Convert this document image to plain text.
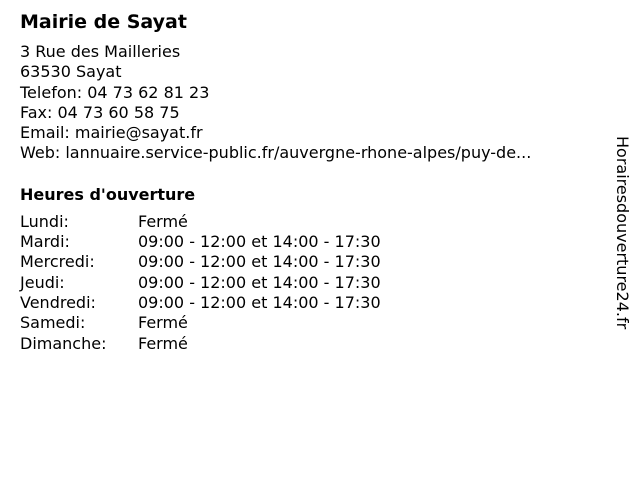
Mairie de Sayat
3 Rue des Mailleries
63530 Sayat
Telefon: 04 73 62 81 23
Fax: 04 73 60 58 75
Email: mairie@sayat.fr
Web: lannuaire.service-public.fr/auvergne-rhone-alpes/puy-de...
Heures d'ouverture
Lundi:	Fermé
Mardi:	09:00 - 12:00 et 14:00 - 17:30
Mercredi:	09:00 - 12:00 et 14:00 - 17:30
Jeudi:	09:00 - 12:00 et 14:00 - 17:30
Vendredi:	09:00 - 12:00 et 14:00 - 17:30
Samedi:	Fermé
Dimanche:	Fermé
Horairesdouverture24.fr
